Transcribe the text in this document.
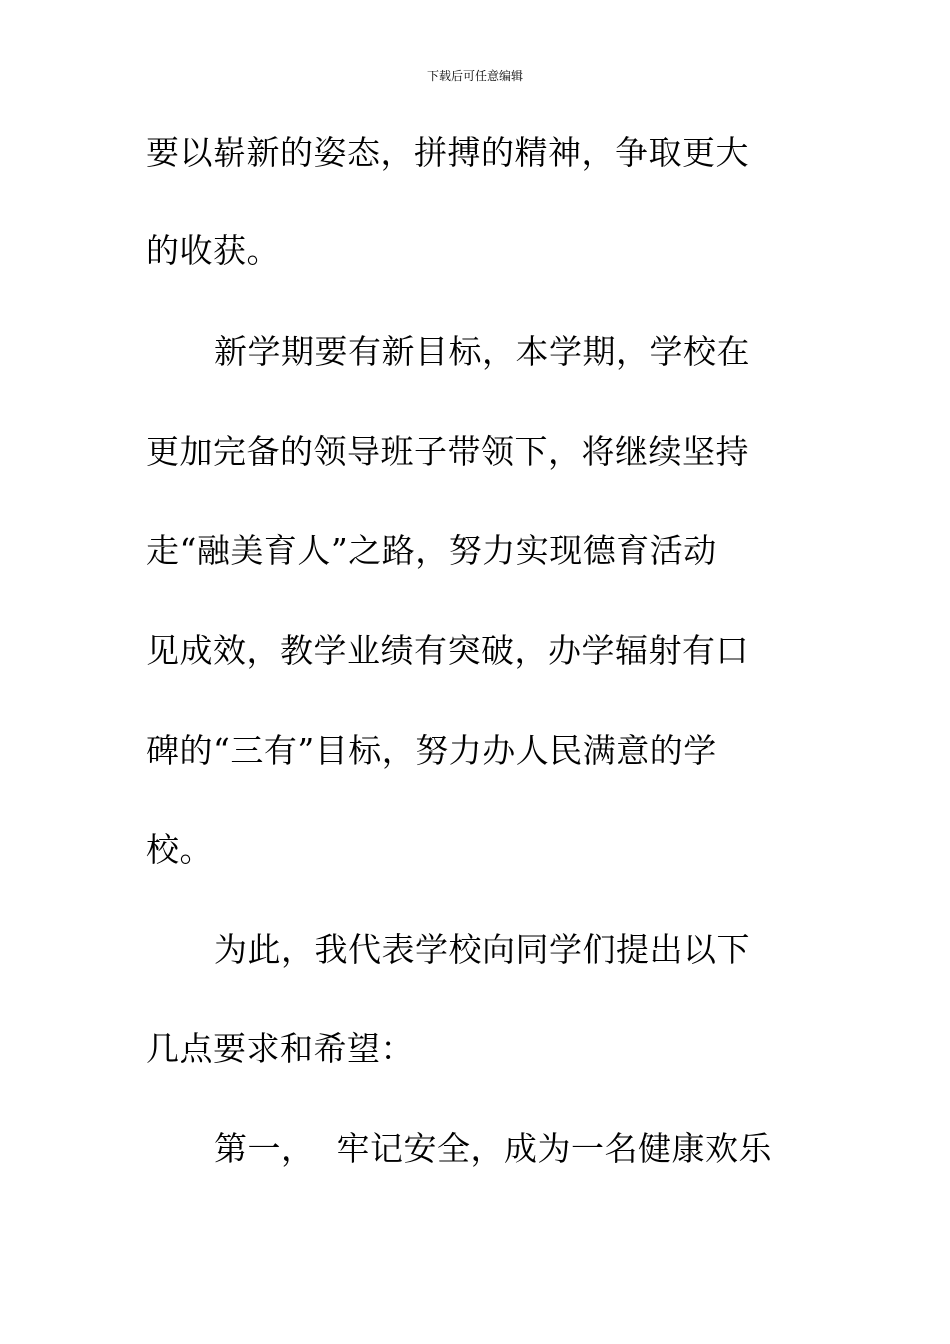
下载后可任意编辑
要以崭新的姿态，拼搏的精神，争取更大
的收获。
新学期要有新目标，本学期，学校在
更加完备的领导班子带领下，将继续坚持
走“融美育人”之路，努力实现德育活动
见成效，教学业绩有突破，办学辐射有口
碑的“三有”目标，努力办人民满意的学
校。
为此，我代表学校向同学们提出以下
几点要求和希望：
第一，  牢记安全，成为一名健康欢乐
